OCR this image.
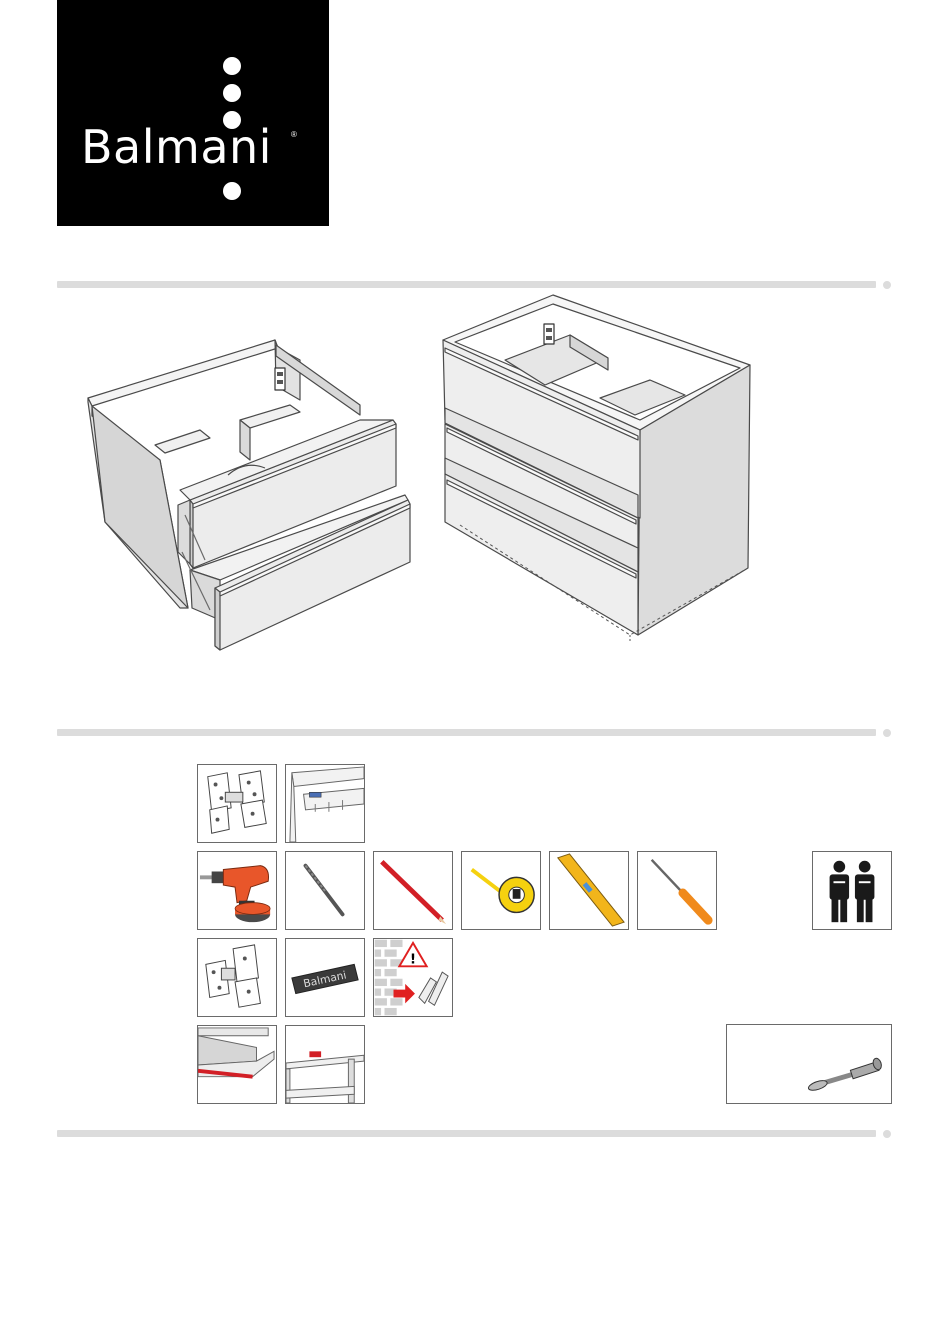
Balmani ®
Balmani
!
